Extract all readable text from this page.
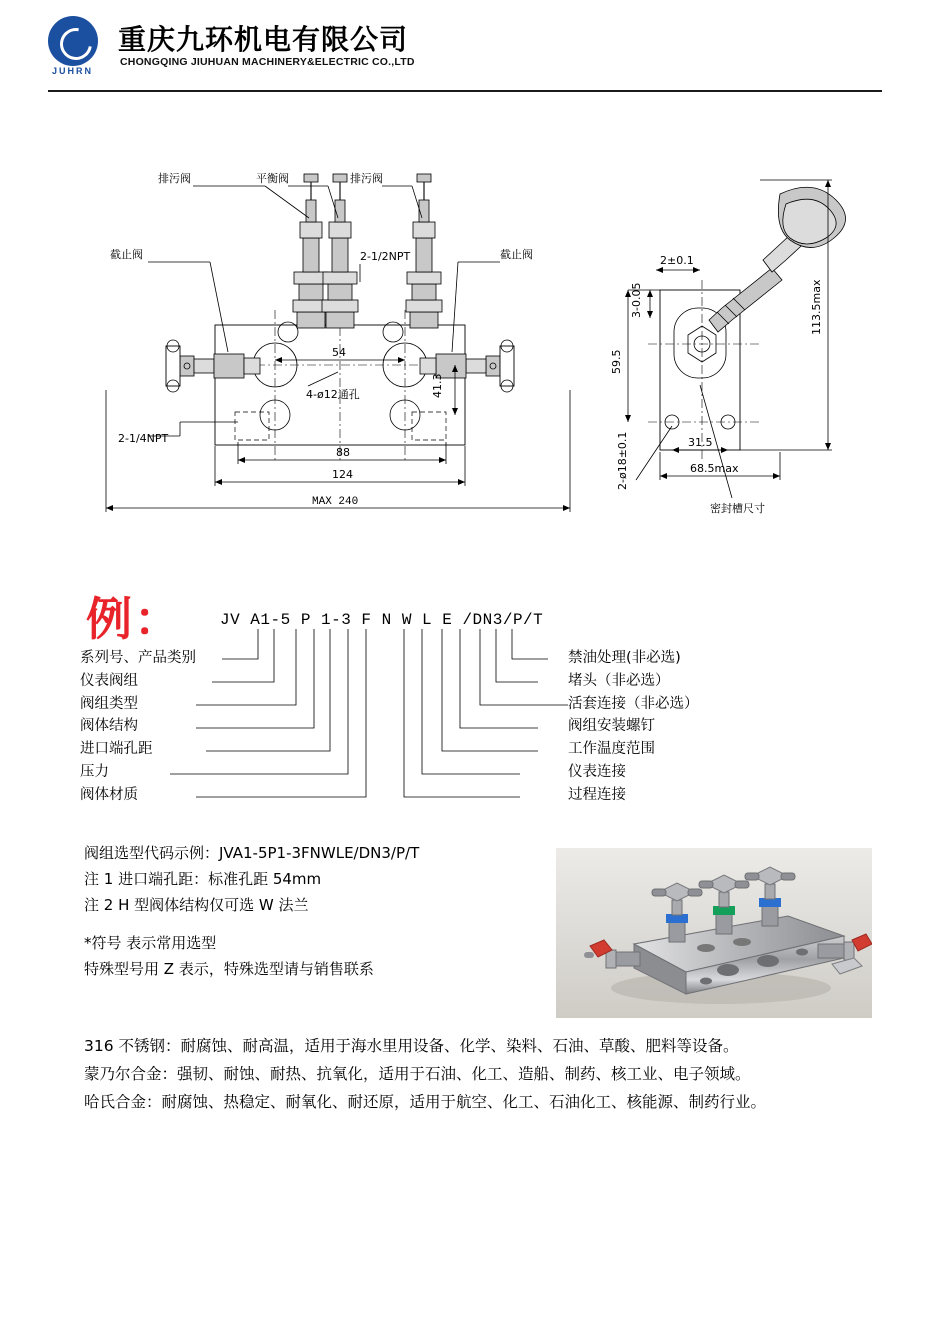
JUHRN
重庆九环机电有限公司
CHONGQING JIUHUAN MACHINERY&ELECTRIC CO.,LTD
排污阀	平衡阀	排污阀
截止阀	截止阀
2-1/2NPT
2-1/4NPT
4-ø12通孔
54
41.3
88
124
MAX 240
2±0.1
3-0.05
59.5
113.5max
31.5
68.5max
2-ø18±0.1
密封槽尺寸
例： JV A1-5 P 1-3 F N W L E /DN3/P/T
系列号、产品类别
仪表阀组
阀组类型
阀体结构
进口端孔距
压力
阀体材质
禁油处理(非必选)
堵头（非必选）
活套连接（非必选）
阀组安装螺钉
工作温度范围
仪表连接
过程连接
阀组选型代码示例：JVA1-5P1-3FNWLE/DN3/P/T
注 1 进口端孔距：标准孔距 54mm
注 2 H 型阀体结构仅可选 W 法兰
*符号 表示常用选型
特殊型号用 Z 表示，特殊选型请与销售联系

316 不锈钢：耐腐蚀、耐高温，适用于海水里用设备、化学、染料、石油、草酸、肥料等设备。

蒙乃尔合金：强韧、耐蚀、耐热、抗氧化，适用于石油、化工、造船、制药、核工业、电子领域。

哈氏合金：耐腐蚀、热稳定、耐氧化、耐还原，适用于航空、化工、石油化工、核能源、制药行业。
